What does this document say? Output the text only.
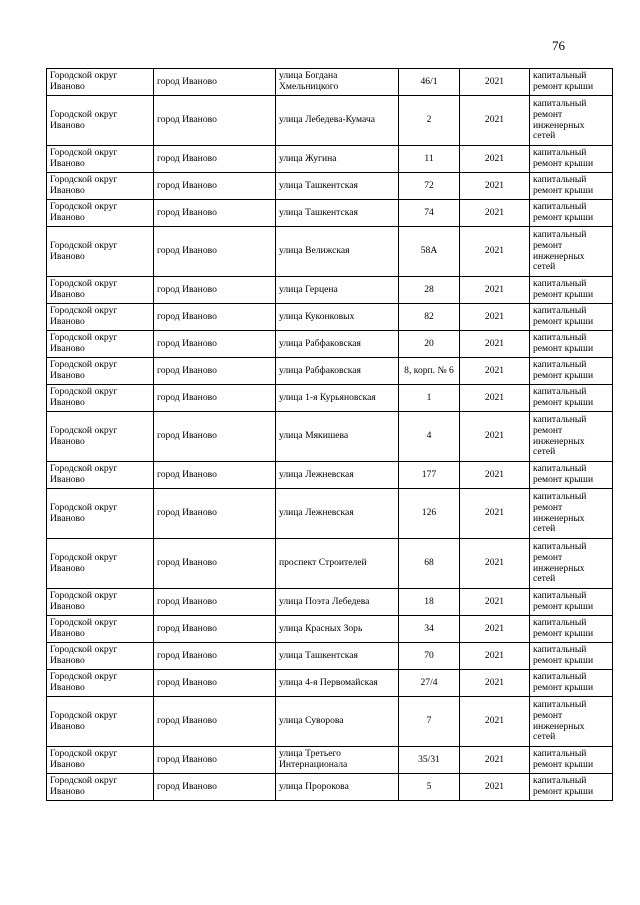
76
Городской округ Иваново	город Иваново	улица Богдана Хмельницкого	46/1	2021	капитальный ремонт крыши
Городской округ Иваново	город Иваново	улица Лебедева-Кумача	2	2021	капитальный ремонт инженерных сетей
Городской округ Иваново	город Иваново	улица Жугина	11	2021	капитальный ремонт крыши
Городской округ Иваново	город Иваново	улица Ташкентская	72	2021	капитальный ремонт крыши
Городской округ Иваново	город Иваново	улица Ташкентская	74	2021	капитальный ремонт крыши
Городской округ Иваново	город Иваново	улица Велижская	58А	2021	капитальный ремонт инженерных сетей
Городской округ Иваново	город Иваново	улица Герцена	28	2021	капитальный ремонт крыши
Городской округ Иваново	город Иваново	улица Куконковых	82	2021	капитальный ремонт крыши
Городской округ Иваново	город Иваново	улица Рабфаковская	20	2021	капитальный ремонт крыши
Городской округ Иваново	город Иваново	улица Рабфаковская	8, корп. № 6	2021	капитальный ремонт крыши
Городской округ Иваново	город Иваново	улица 1-я Курьяновская	1	2021	капитальный ремонт крыши
Городской округ Иваново	город Иваново	улица Мякишева	4	2021	капитальный ремонт инженерных сетей
Городской округ Иваново	город Иваново	улица Лежневская	177	2021	капитальный ремонт крыши
Городской округ Иваново	город Иваново	улица Лежневская	126	2021	капитальный ремонт инженерных сетей
Городской округ Иваново	город Иваново	проспект Строителей	68	2021	капитальный ремонт инженерных сетей
Городской округ Иваново	город Иваново	улица Поэта Лебедева	18	2021	капитальный ремонт крыши
Городской округ Иваново	город Иваново	улица Красных Зорь	34	2021	капитальный ремонт крыши
Городской округ Иваново	город Иваново	улица Ташкентская	70	2021	капитальный ремонт крыши
Городской округ Иваново	город Иваново	улица 4-я Первомайская	27/4	2021	капитальный ремонт крыши
Городской округ Иваново	город Иваново	улица Суворова	7	2021	капитальный ремонт инженерных сетей
Городской округ Иваново	город Иваново	улица Третьего Интернационала	35/31	2021	капитальный ремонт крыши
Городской округ Иваново	город Иваново	улица Пророкова	5	2021	капитальный ремонт крыши
